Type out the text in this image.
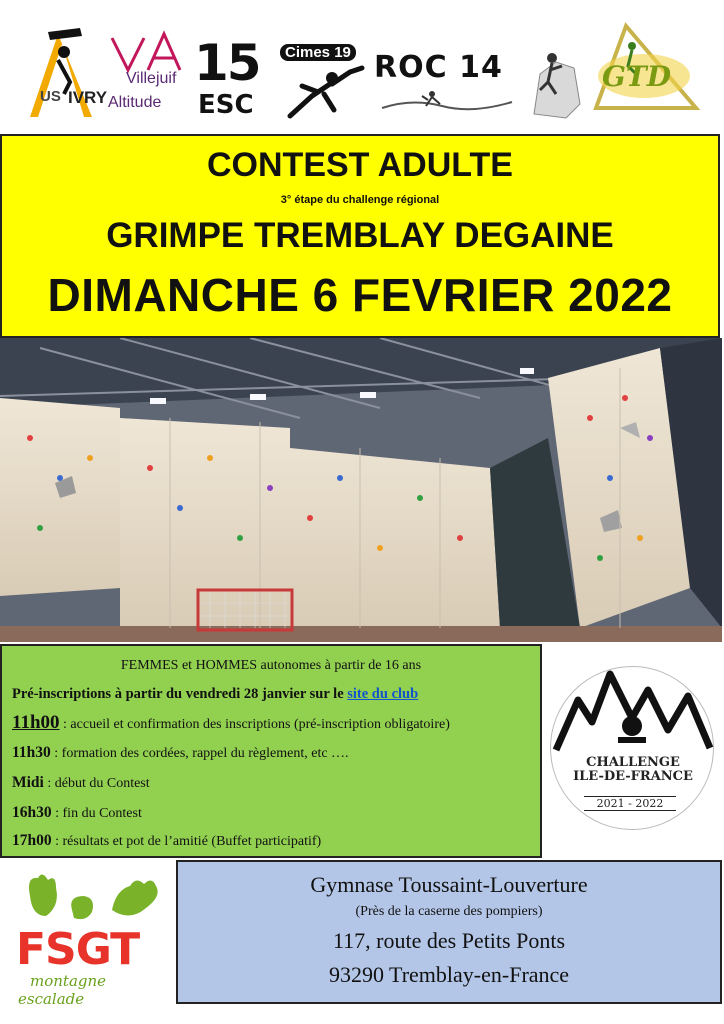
US IVRY
Villejuif
Altitude
15
ESC
Cimes 19 ROC 14	GTD
CONTEST ADULTE
3° étape du challenge régional
GRIMPE TREMBLAY DEGAINE
DIMANCHE 6 FEVRIER 2022
FEMMES et HOMMES autonomes à partir de 16 ans
Pré-inscriptions à partir du vendredi 28 janvier sur le site du club
11h00 : accueil et confirmation des inscriptions (pré-inscription obligatoire)
11h30 : formation des cordées, rappel du règlement, etc ….
Midi : début du Contest
16h30 : fin du Contest
17h00 : résultats et pot de l’amitié (Buffet participatif)
CHALLENGE
ILE-DE-FRANCE
2021 - 2022
FSGT
montagne
escalade
Gymnase Toussaint-Louverture
(Près de la caserne des pompiers)
117, route des Petits Ponts
93290 Tremblay-en-France
